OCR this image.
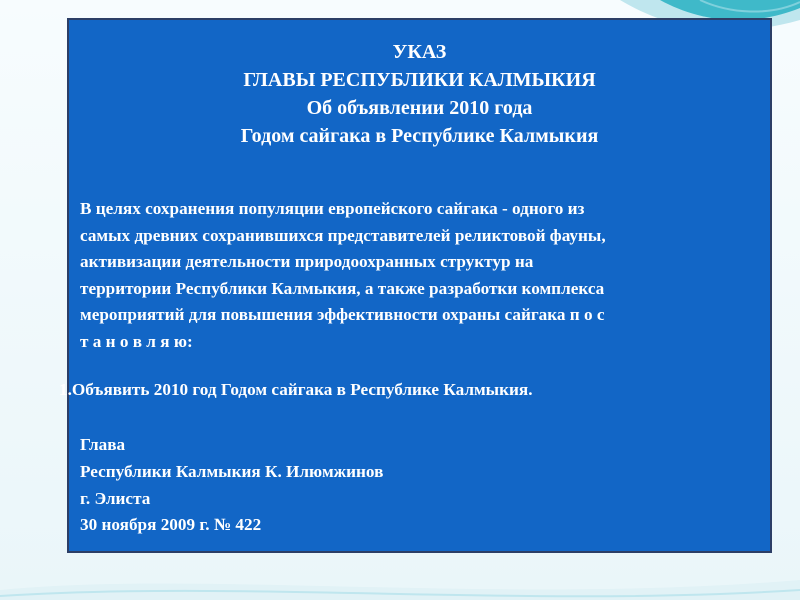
УКАЗ
ГЛАВЫ РЕСПУБЛИКИ КАЛМЫКИЯ
Об объявлении 2010 года
Годом сайгака в Республике Калмыкия
В целях сохранения популяции европейского сайгака - одного из
самых древних сохранившихся представителей реликтовой фауны,
активизации деятельности природоохранных структур на
территории Республики Калмыкия, а также разработки комплекса
мероприятий для повышения эффективности охраны сайгака п о с
т а н о в л я ю:
1.Объявить 2010 год Годом сайгака в Республике Калмыкия.
Глава
Республики Калмыкия К. Илюмжинов
г. Элиста
30 ноября 2009 г. № 422
